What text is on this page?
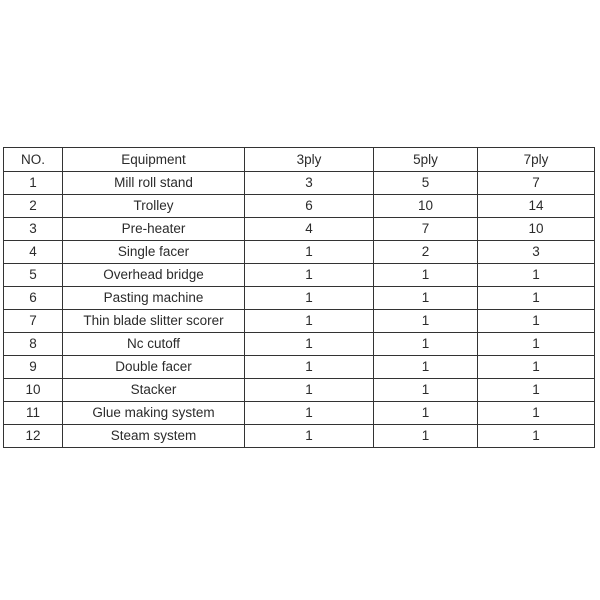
NO.	Equipment	3ply	5ply	7ply
1	Mill roll stand	3	5	7
2	Trolley	6	10	14
3	Pre-heater	4	7	10
4	Single facer	1	2	3
5	Overhead bridge	1	1	1
6	Pasting machine	1	1	1
7	Thin blade slitter scorer	1	1	1
8	Nc cutoff	1	1	1
9	Double facer	1	1	1
10	Stacker	1	1	1
11	Glue making system	1	1	1
12	Steam system	1	1	1
